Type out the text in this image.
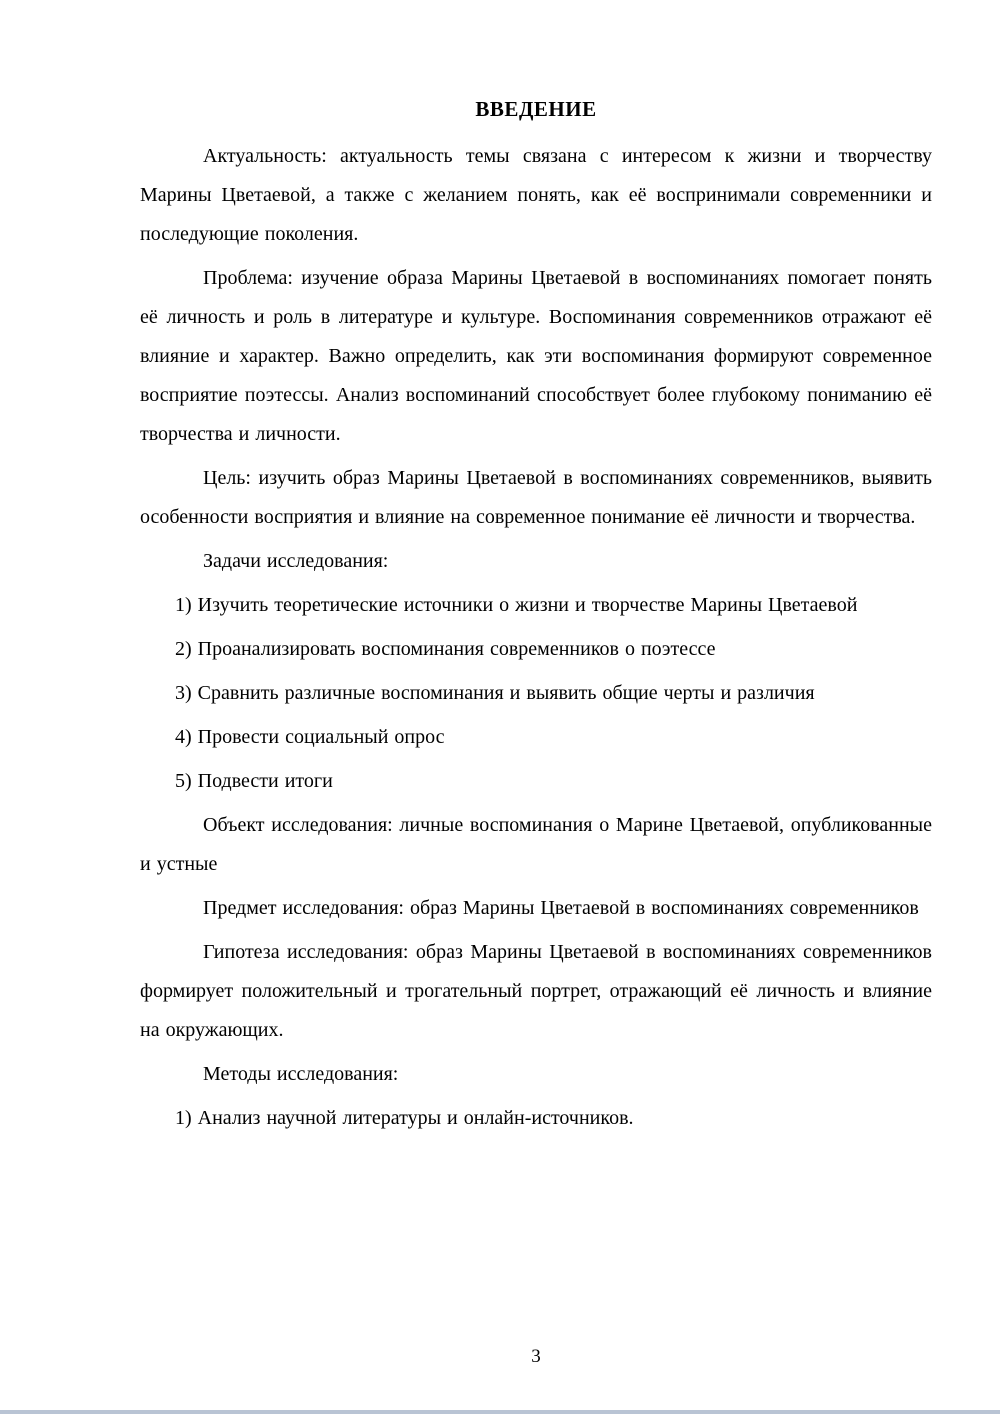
ВВЕДЕНИЕ

Актуальность: актуальность темы связана с интересом к жизни и творчеству Марины Цветаевой, а также с желанием понять, как её воспринимали современники и последующие поколения.

Проблема: изучение образа Марины Цветаевой в воспоминаниях помогает понять её личность и роль в литературе и культуре. Воспоминания современников отражают её влияние и характер. Важно определить, как эти воспоминания формируют современное восприятие поэтессы. Анализ воспоминаний способствует более глубокому пониманию её творчества и личности.

Цель: изучить образ Марины Цветаевой в воспоминаниях современников, выявить особенности восприятия и влияние на современное понимание её личности и творчества.

Задачи исследования:

1) Изучить теоретические источники о жизни и творчестве Марины Цветаевой

2) Проанализировать воспоминания современников о поэтессе

3) Сравнить различные воспоминания и выявить общие черты и различия

4) Провести социальный опрос

5) Подвести итоги

Объект исследования: личные воспоминания о Марине Цветаевой, опубликованные и устные

Предмет исследования: образ Марины Цветаевой в воспоминаниях современников

Гипотеза исследования: образ Марины Цветаевой в воспоминаниях современников формирует положительный и трогательный портрет, отражающий её личность и влияние на окружающих.

Методы исследования:

1) Анализ научной литературы и онлайн-источников.

3
